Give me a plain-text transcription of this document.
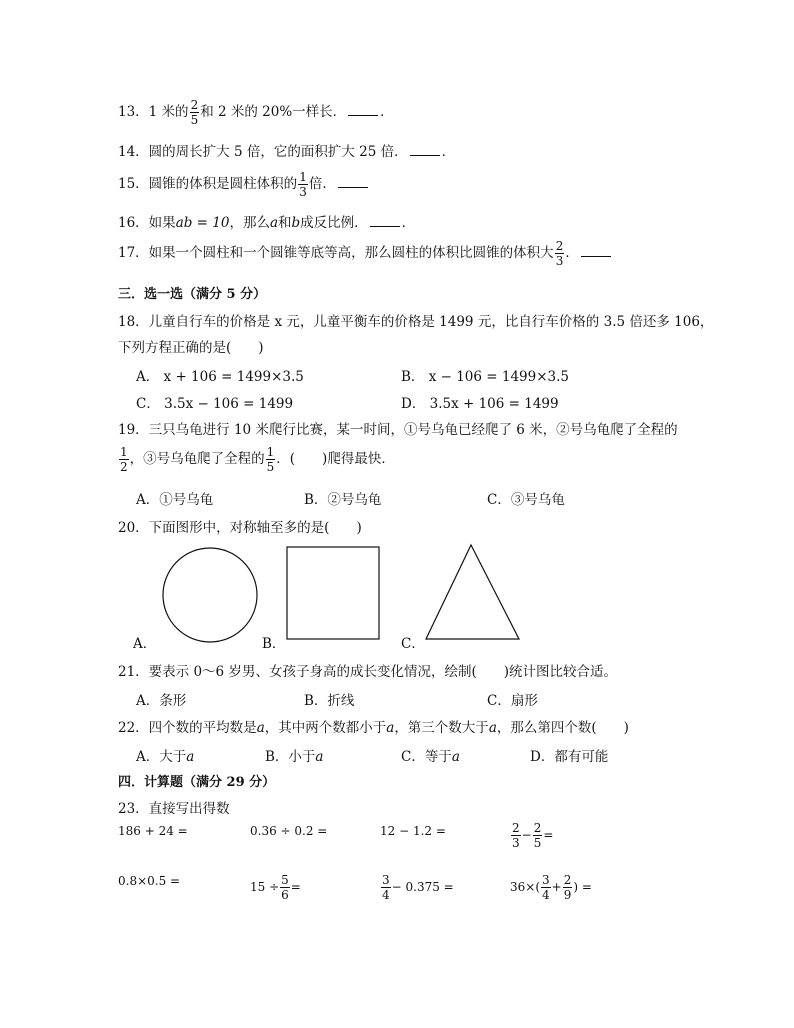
13．1 米的 $\frac{2}{5}$ 和 2 米的 20%一样长．	．
14．圆的周长扩大 5 倍，它的面积扩大 25 倍．	．
15．圆锥的体积是圆柱体积的 $\frac{1}{3}$ 倍．
16．如果ab = 10，那么a和b成反比例．	．
17．如果一个圆柱和一个圆锥等底等高，那么圆柱的体积比圆锥的体积大 $\frac{2}{3}$ ．
三．选一选（满分 5 分）
18．儿童自行车的价格是 x 元，儿童平衡车的价格是 1499 元，比自行车价格的 3.5 倍还多 106，
下列方程正确的是(　　)
A． x + 106 = 1499×3.5	B． x − 106 = 1499×3.5
C． 3.5x − 106 = 1499	D． 3.5x + 106 = 1499
19．三只乌龟进行 10 米爬行比赛，某一时间，①号乌龟已经爬了 6 米，②号乌龟爬了全程的
$\frac{1}{2}$ ，③号乌龟爬了全程的 $\frac{1}{5}$ ．(　　)爬得最快．
A．①号乌龟	B．②号乌龟	C．③号乌龟
20．下面图形中，对称轴至多的是(　　)
A．	B．	C．
21．要表示 0～6 岁男、女孩子身高的成长变化情况，绘制(　　)统计图比较合适。
A．条形	B．折线	C．扇形
22．四个数的平均数是a，其中两个数都小于a，第三个数大于a，那么第四个数(　　)
A．大于a	B．小于a	C．等于a	D．都有可能
四．计算题（满分 29 分）
23．直接写出得数
186 + 24 =	0.36 ÷ 0.2 =	12 − 1.2 =	$\frac{2}{3} - \frac{2}{5}$ =
0.8×0.5 =	$15 \div \frac{5}{6}$ =	$\frac{3}{4} - 0.375$ =	$36\times( \frac{3}{4} + \frac{2}{9}$ ) =
